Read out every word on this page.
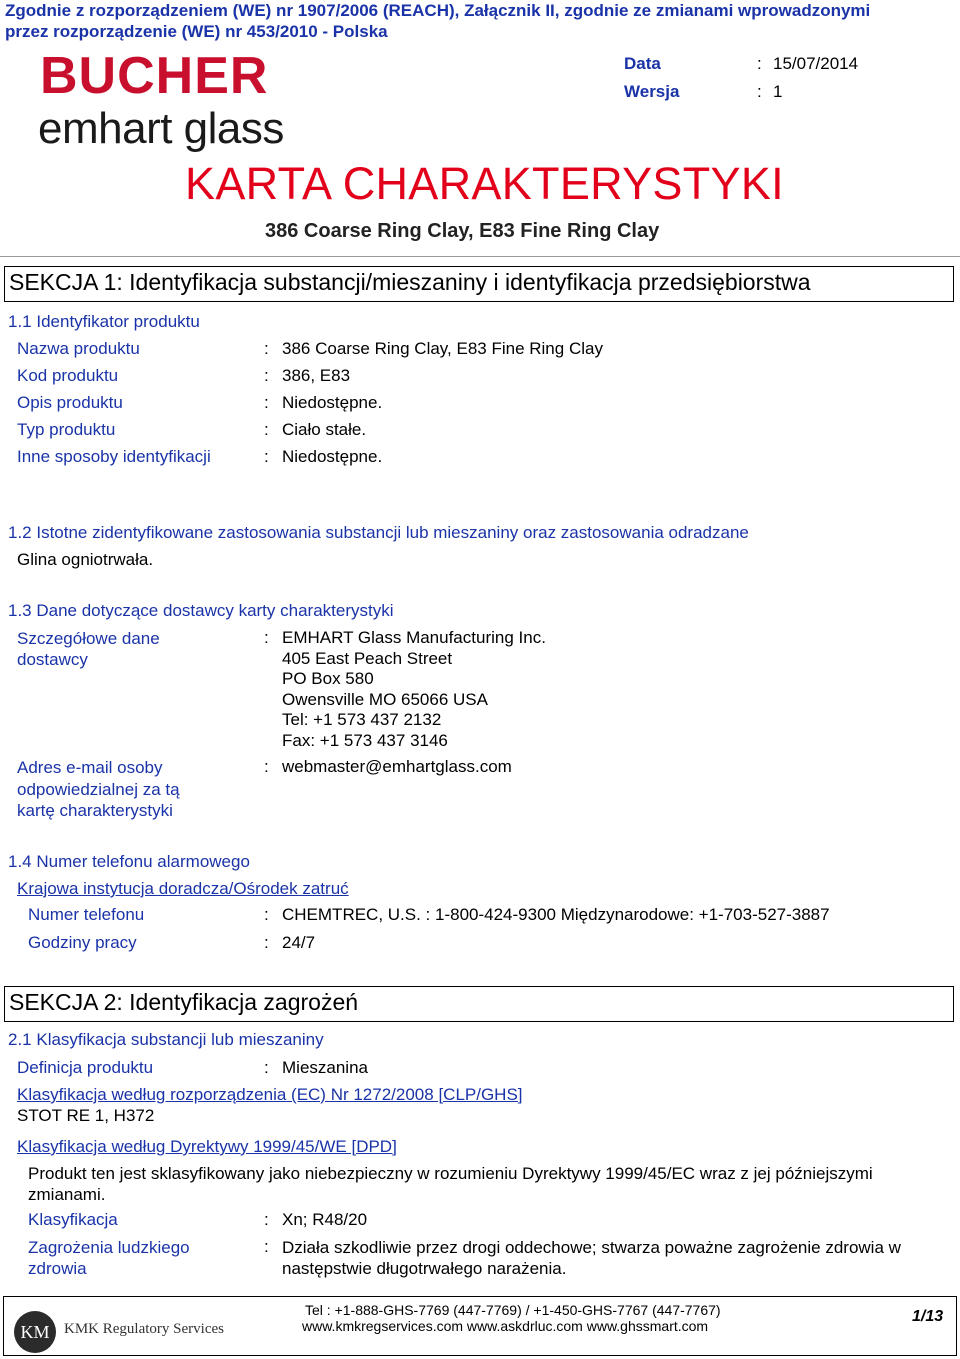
Zgodnie z rozporządzeniem (WE) nr 1907/2006 (REACH), Załącznik II, zgodnie ze zmianami wprowadzonymi
przez rozporządzenie (WE) nr 453/2010 - Polska
BUCHER
emhart glass
Data	: 15/07/2014
Wersja	: 1
KARTA CHARAKTERYSTYKI
386 Coarse Ring Clay, E83 Fine Ring Clay
SEKCJA 1: Identyfikacja substancji/mieszaniny i identyfikacja przedsiębiorstwa
1.1 Identyfikator produktu
Nazwa produktu	: 386 Coarse Ring Clay, E83 Fine Ring Clay
Kod produktu	: 386, E83
Opis produktu	: Niedostępne.
Typ produktu	: Ciało stałe.
Inne sposoby identyfikacji	: Niedostępne.
1.2 Istotne zidentyfikowane zastosowania substancji lub mieszaniny oraz zastosowania odradzane
Glina ogniotrwała.
1.3 Dane dotyczące dostawcy karty charakterystyki
Szczegółowe dane
dostawcy
: EMHART Glass Manufacturing Inc.
405 East Peach Street
PO Box 580
Owensville MO 65066 USA
Tel: +1 573 437 2132
Fax: +1 573 437 3146
Adres e-mail osoby
odpowiedzialnej za tą
kartę charakterystyki
: webmaster@emhartglass.com
1.4 Numer telefonu alarmowego
Krajowa instytucja doradcza/Ośrodek zatruć
Numer telefonu	: CHEMTREC, U.S. : 1-800-424-9300 Międzynarodowe: +1-703-527-3887
Godziny pracy	: 24/7
SEKCJA 2: Identyfikacja zagrożeń
2.1 Klasyfikacja substancji lub mieszaniny
Definicja produktu	: Mieszanina
Klasyfikacja według rozporządzenia (EC) Nr 1272/2008 [CLP/GHS]
STOT RE 1, H372
Klasyfikacja według Dyrektywy 1999/45/WE [DPD]
Produkt ten jest sklasyfikowany jako niebezpieczny w rozumieniu Dyrektywy 1999/45/EC wraz z jej późniejszymi
zmianami.
Klasyfikacja	: Xn; R48/20
Zagrożenia ludzkiego
zdrowia
: Działa szkodliwie przez drogi oddechowe; stwarza poważne zagrożenie zdrowia w
następstwie długotrwałego narażenia.
KM KMK Regulatory Services
Tel : +1-888-GHS-7769 (447-7769) / +1-450-GHS-7767 (447-7767)
www.kmkregservices.com www.askdrluc.com www.ghssmart.com
1/13
